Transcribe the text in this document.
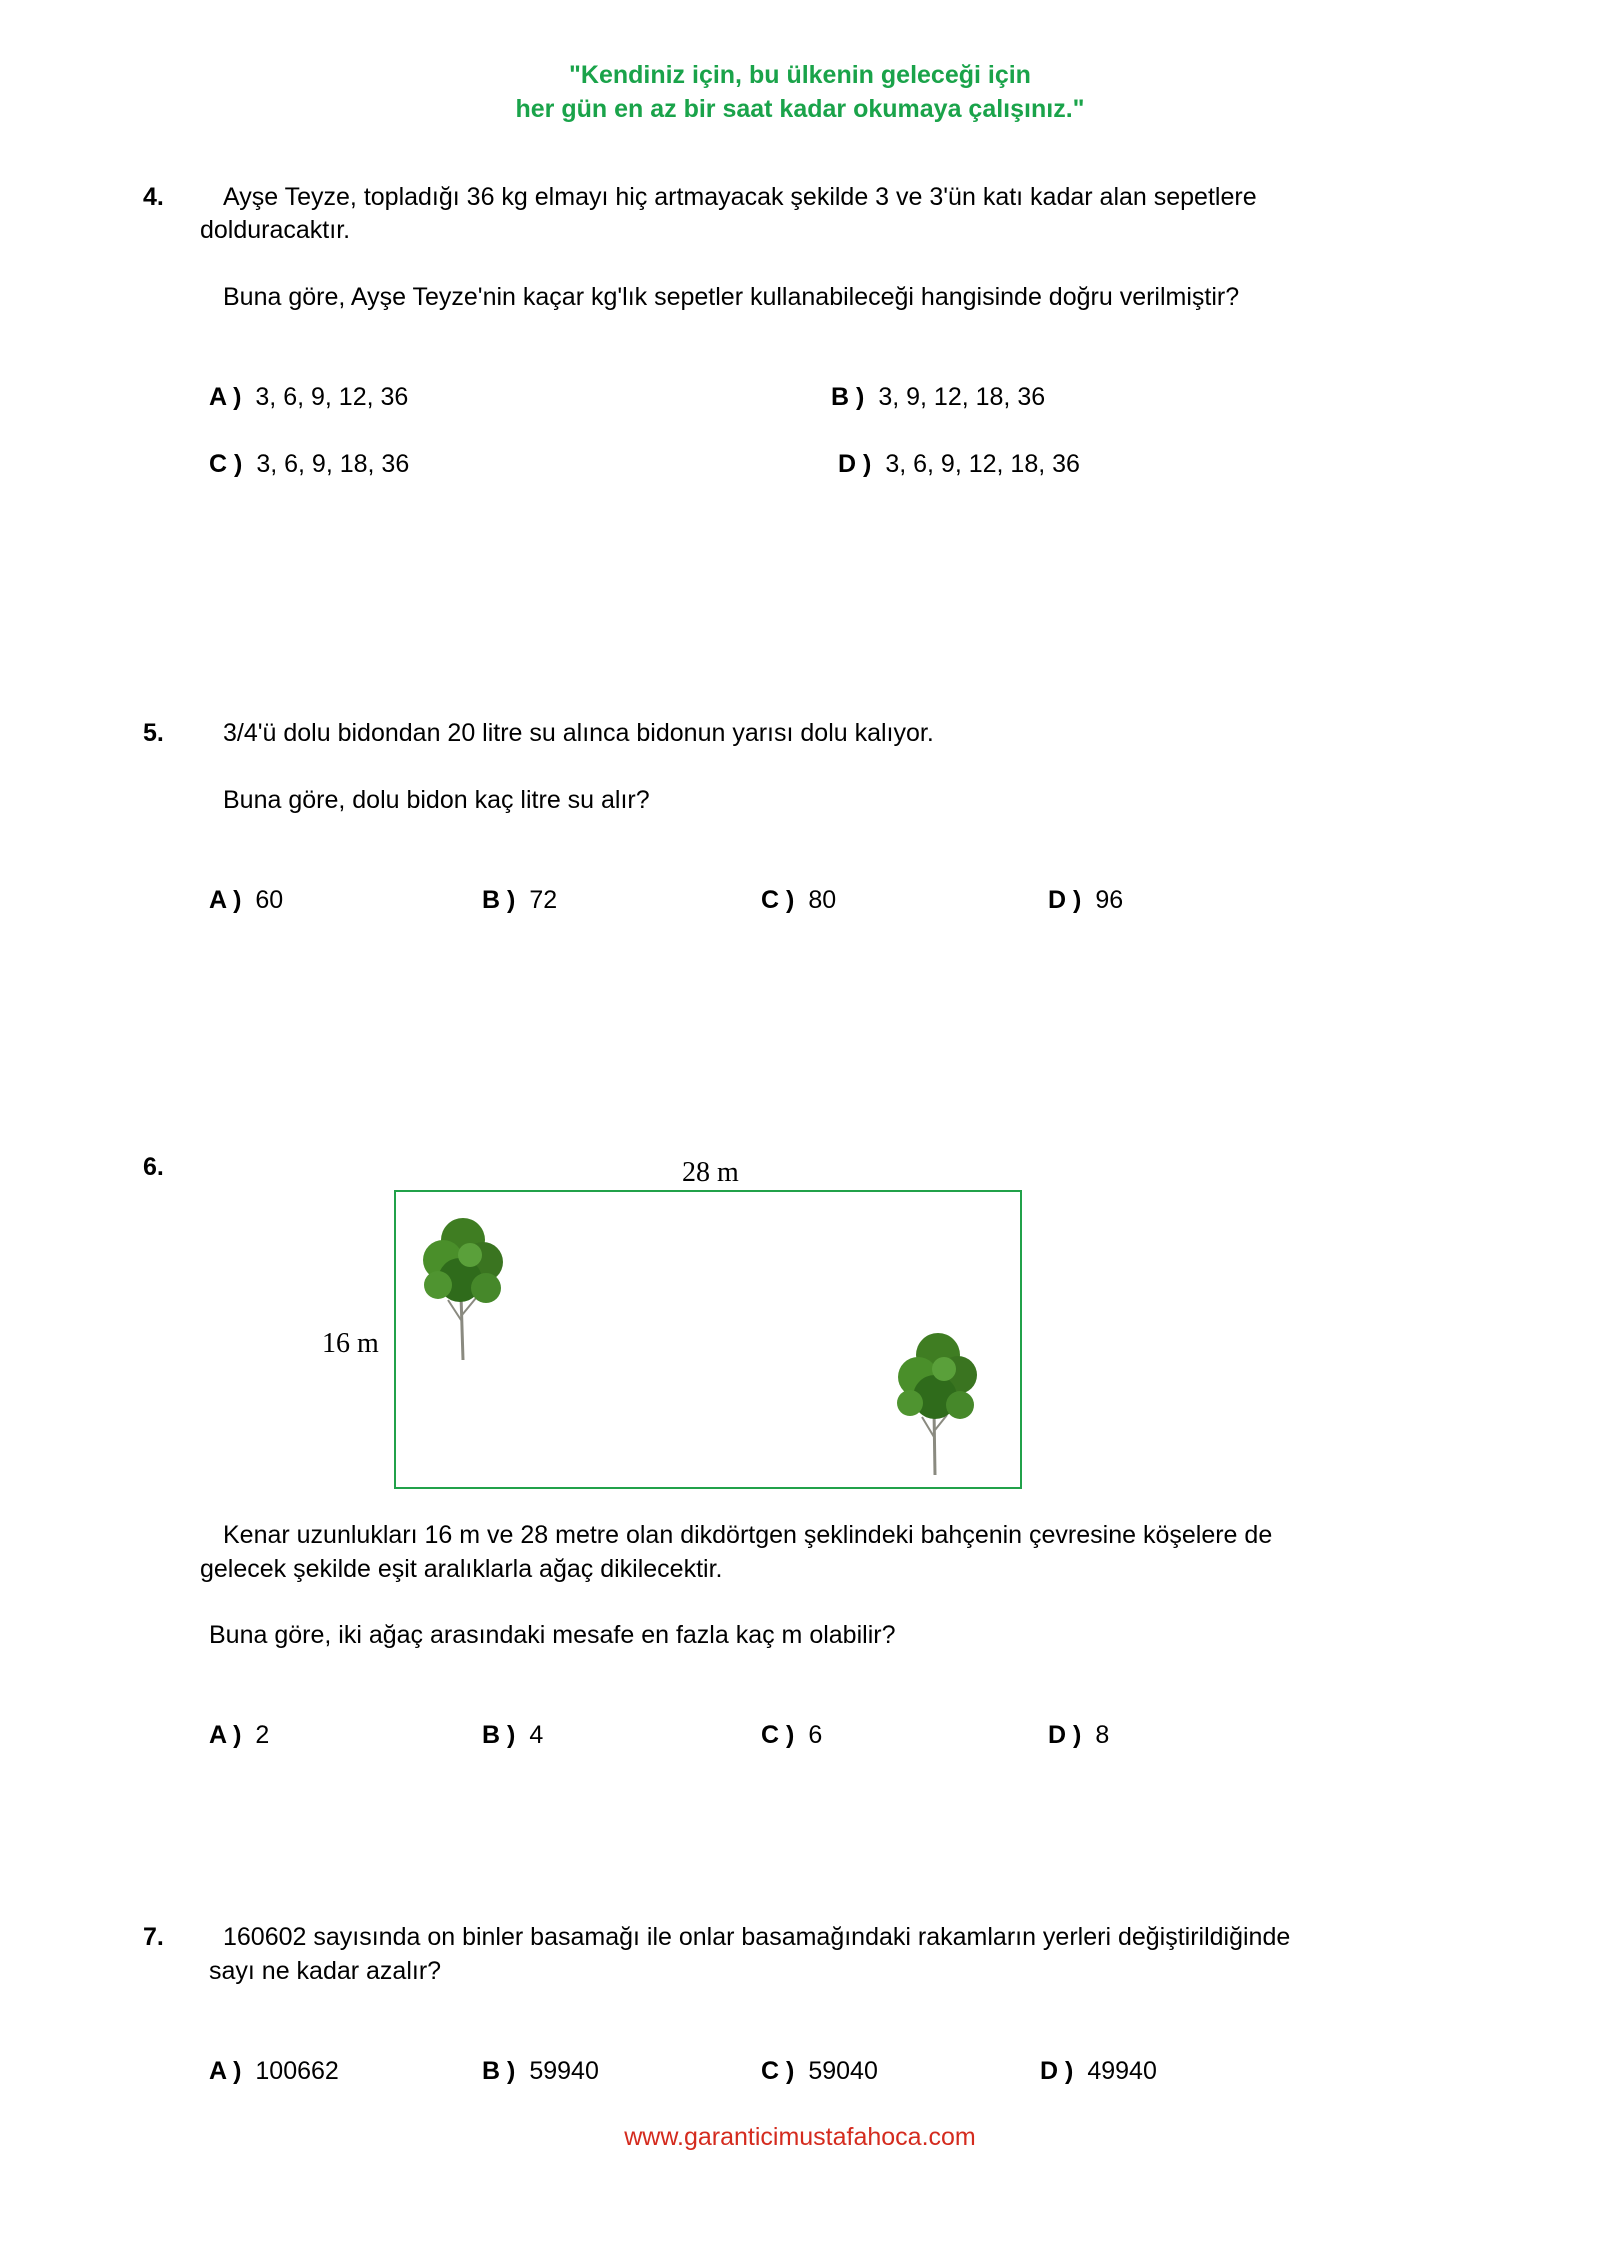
"Kendiniz için, bu ülkenin geleceği için
her gün en az bir saat kadar okumaya çalışınız."
4. Ayşe Teyze, topladığı 36 kg elmayı hiç artmayacak şekilde 3 ve 3'ün katı kadar alan sepetlere
dolduracaktır.
Buna göre, Ayşe Teyze'nin kaçar kg'lık sepetler kullanabileceği hangisinde doğru verilmiştir?
A ) 3, 6, 9, 12, 36	B ) 3, 9, 12, 18, 36
C ) 3, 6, 9, 18, 36	D ) 3, 6, 9, 12, 18, 36
5. 3/4'ü dolu bidondan 20 litre su alınca bidonun yarısı dolu kalıyor.
Buna göre, dolu bidon kaç litre su alır?
A ) 60	B ) 72	C ) 80	D ) 96
6.	28 m
16 m
Kenar uzunlukları 16 m ve 28 metre olan dikdörtgen şeklindeki bahçenin çevresine köşelere de
gelecek şekilde eşit aralıklarla ağaç dikilecektir.
Buna göre, iki ağaç arasındaki mesafe en fazla kaç m olabilir?
A ) 2	B ) 4	C ) 6	D ) 8
7. 160602 sayısında on binler basamağı ile onlar basamağındaki rakamların yerleri değiştirildiğinde
sayı ne kadar azalır?
A ) 100662	B ) 59940	C ) 59040	D ) 49940
www.garanticimustafahoca.com
